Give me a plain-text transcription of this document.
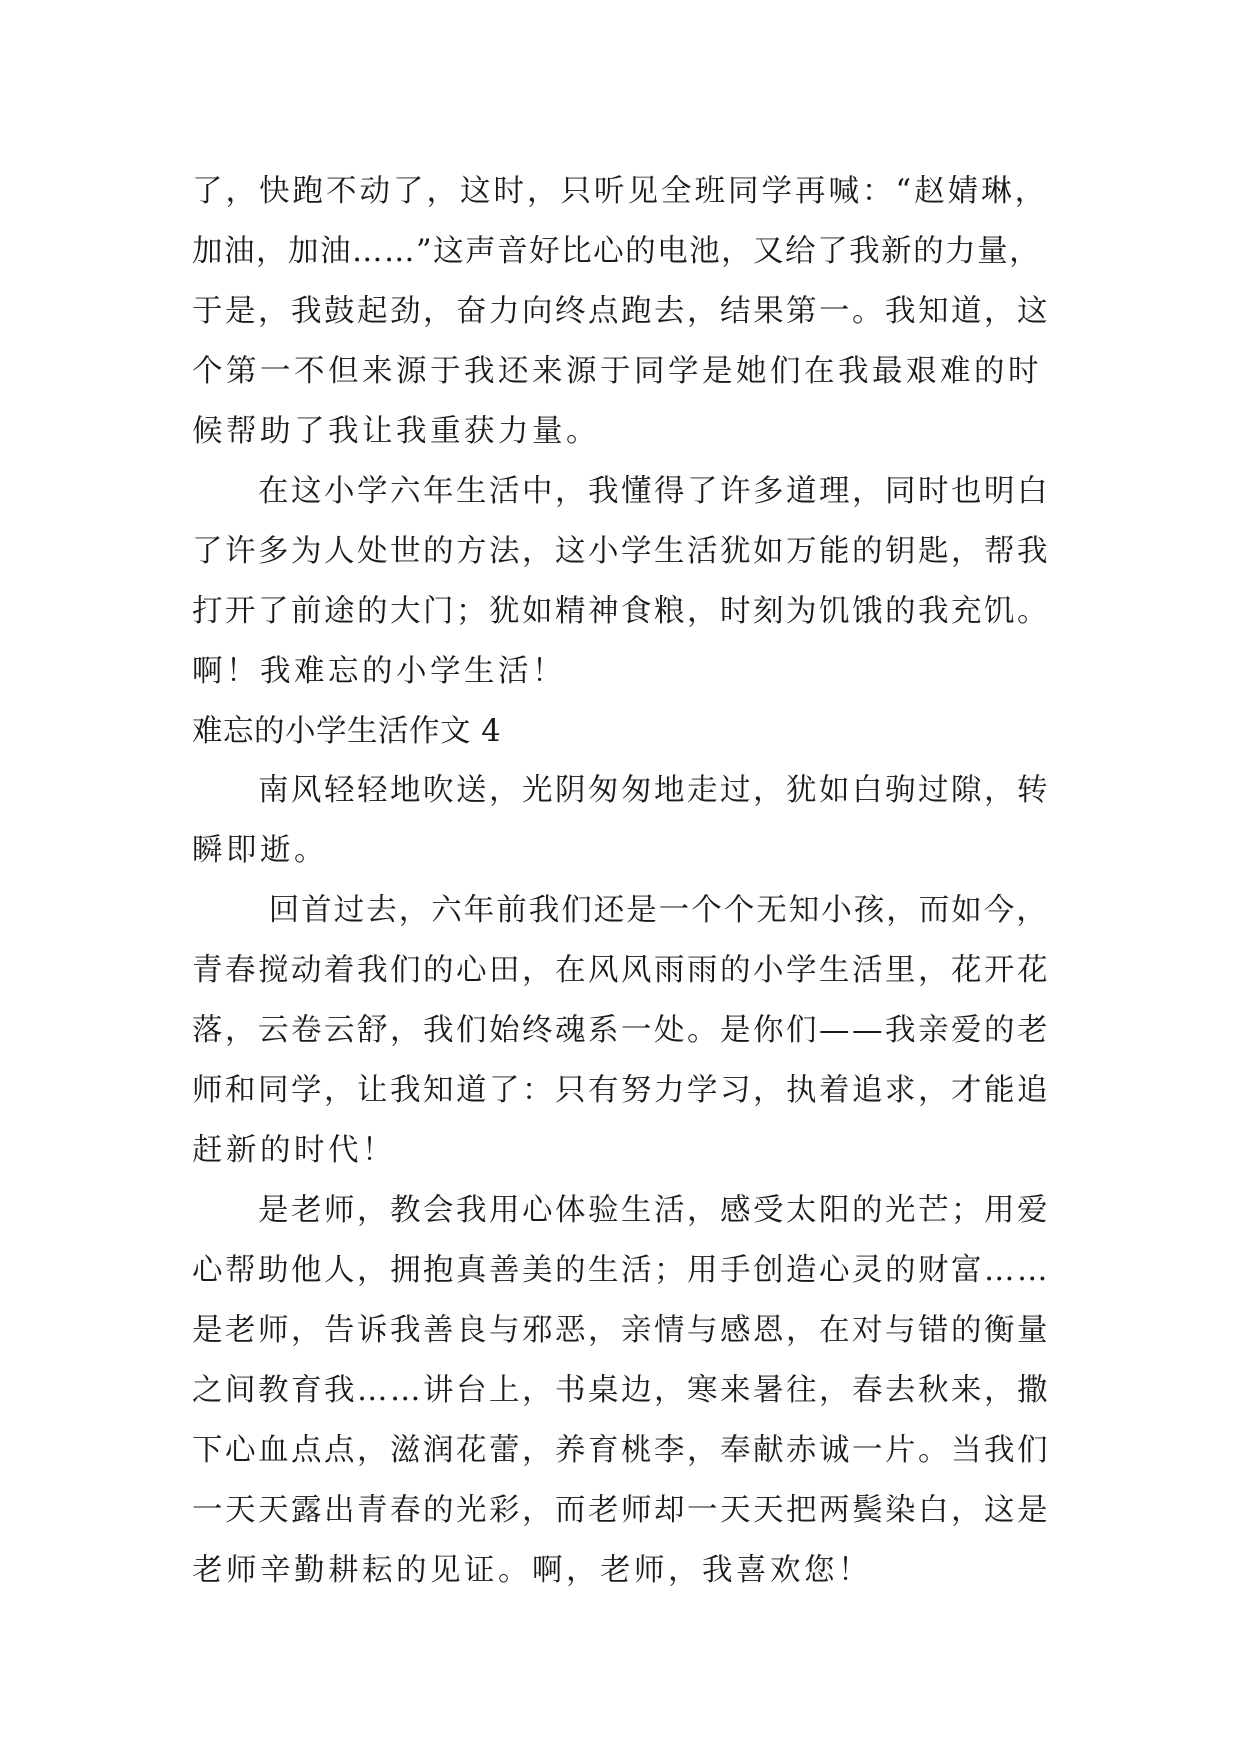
了，快跑不动了，这时，只听见全班同学再喊：“赵婧琳，
加油，加油……”这声音好比心的电池，又给了我新的力量，
于是，我鼓起劲，奋力向终点跑去，结果第一。我知道，这
个第一不但来源于我还来源于同学是她们在我最艰难的时
候帮助了我让我重获力量。
　　在这小学六年生活中，我懂得了许多道理，同时也明白
了许多为人处世的方法，这小学生活犹如万能的钥匙，帮我
打开了前途的大门；犹如精神食粮，时刻为饥饿的我充饥。
啊！我难忘的小学生活！
难忘的小学生活作文 4
　　南风轻轻地吹送，光阴匆匆地走过，犹如白驹过隙，转
瞬即逝。
　　 回首过去，六年前我们还是一个个无知小孩，而如今，
青春搅动着我们的心田，在风风雨雨的小学生活里，花开花
落，云卷云舒，我们始终魂系一处。是你们——我亲爱的老
师和同学，让我知道了：只有努力学习，执着追求，才能追
赶新的时代！
　　是老师，教会我用心体验生活，感受太阳的光芒；用爱
心帮助他人，拥抱真善美的生活；用手创造心灵的财富……
是老师，告诉我善良与邪恶，亲情与感恩，在对与错的衡量
之间教育我……讲台上，书桌边，寒来暑往，春去秋来，撒
下心血点点，滋润花蕾，养育桃李，奉献赤诚一片。当我们
一天天露出青春的光彩，而老师却一天天把两鬓染白，这是
老师辛勤耕耘的见证。啊，老师，我喜欢您！
